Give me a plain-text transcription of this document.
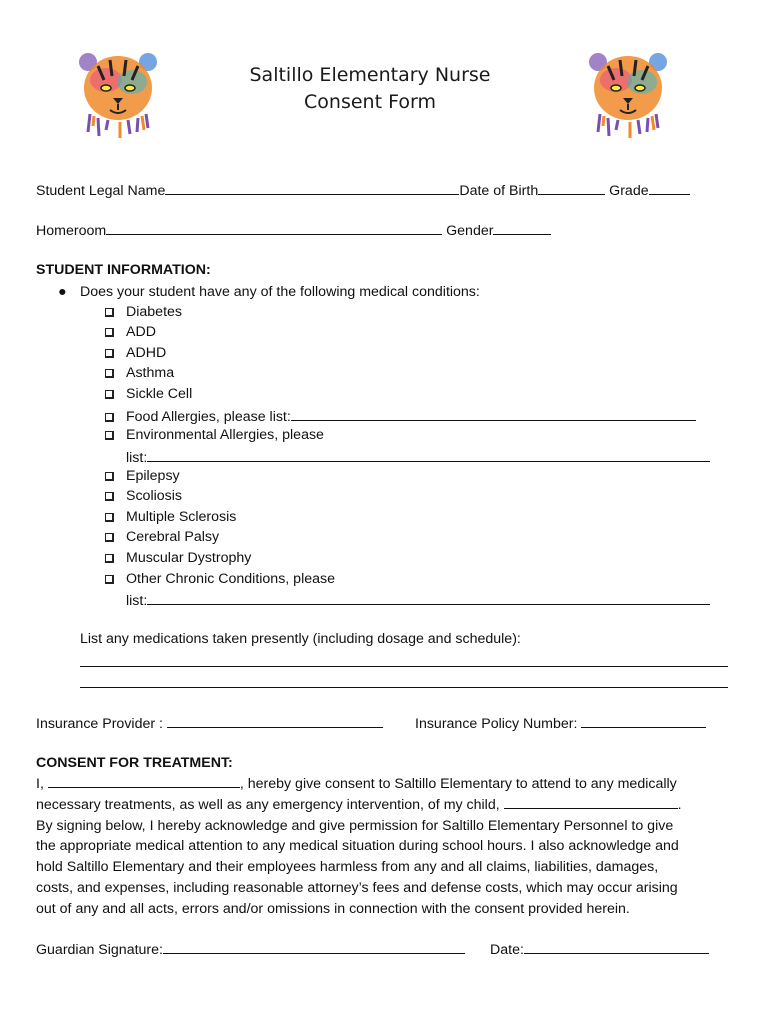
Saltillo Elementary Nurse
Consent Form
Student Legal Name	Date of Birth	Grade
Homeroom	Gender
STUDENT INFORMATION:
● Does your student have any of the following medical conditions:
Diabetes
ADD
ADHD
Asthma
Sickle Cell
Food Allergies, please list:
Environmental Allergies, please
list:
Epilepsy
Scoliosis
Multiple Sclerosis
Cerebral Palsy
Muscular Dystrophy
Other Chronic Conditions, please
list:
List any medications taken presently (including dosage and schedule):
Insurance Provider :	Insurance Policy Number:
CONSENT FOR TREATMENT:

I,	, hereby give consent to Saltillo Elementary to attend to any medically

necessary treatments, as well as any emergency intervention, of my child,	.

By signing below, I hereby acknowledge and give permission for Saltillo Elementary Personnel to give

the appropriate medical attention to any medical situation during school hours. I also acknowledge and

hold Saltillo Elementary and their employees harmless from any and all claims, liabilities, damages,

costs, and expenses, including reasonable attorney’s fees and defense costs, which may occur arising

out of any and all acts, errors and/or omissions in connection with the consent provided herein.

Guardian Signature:	Date:
